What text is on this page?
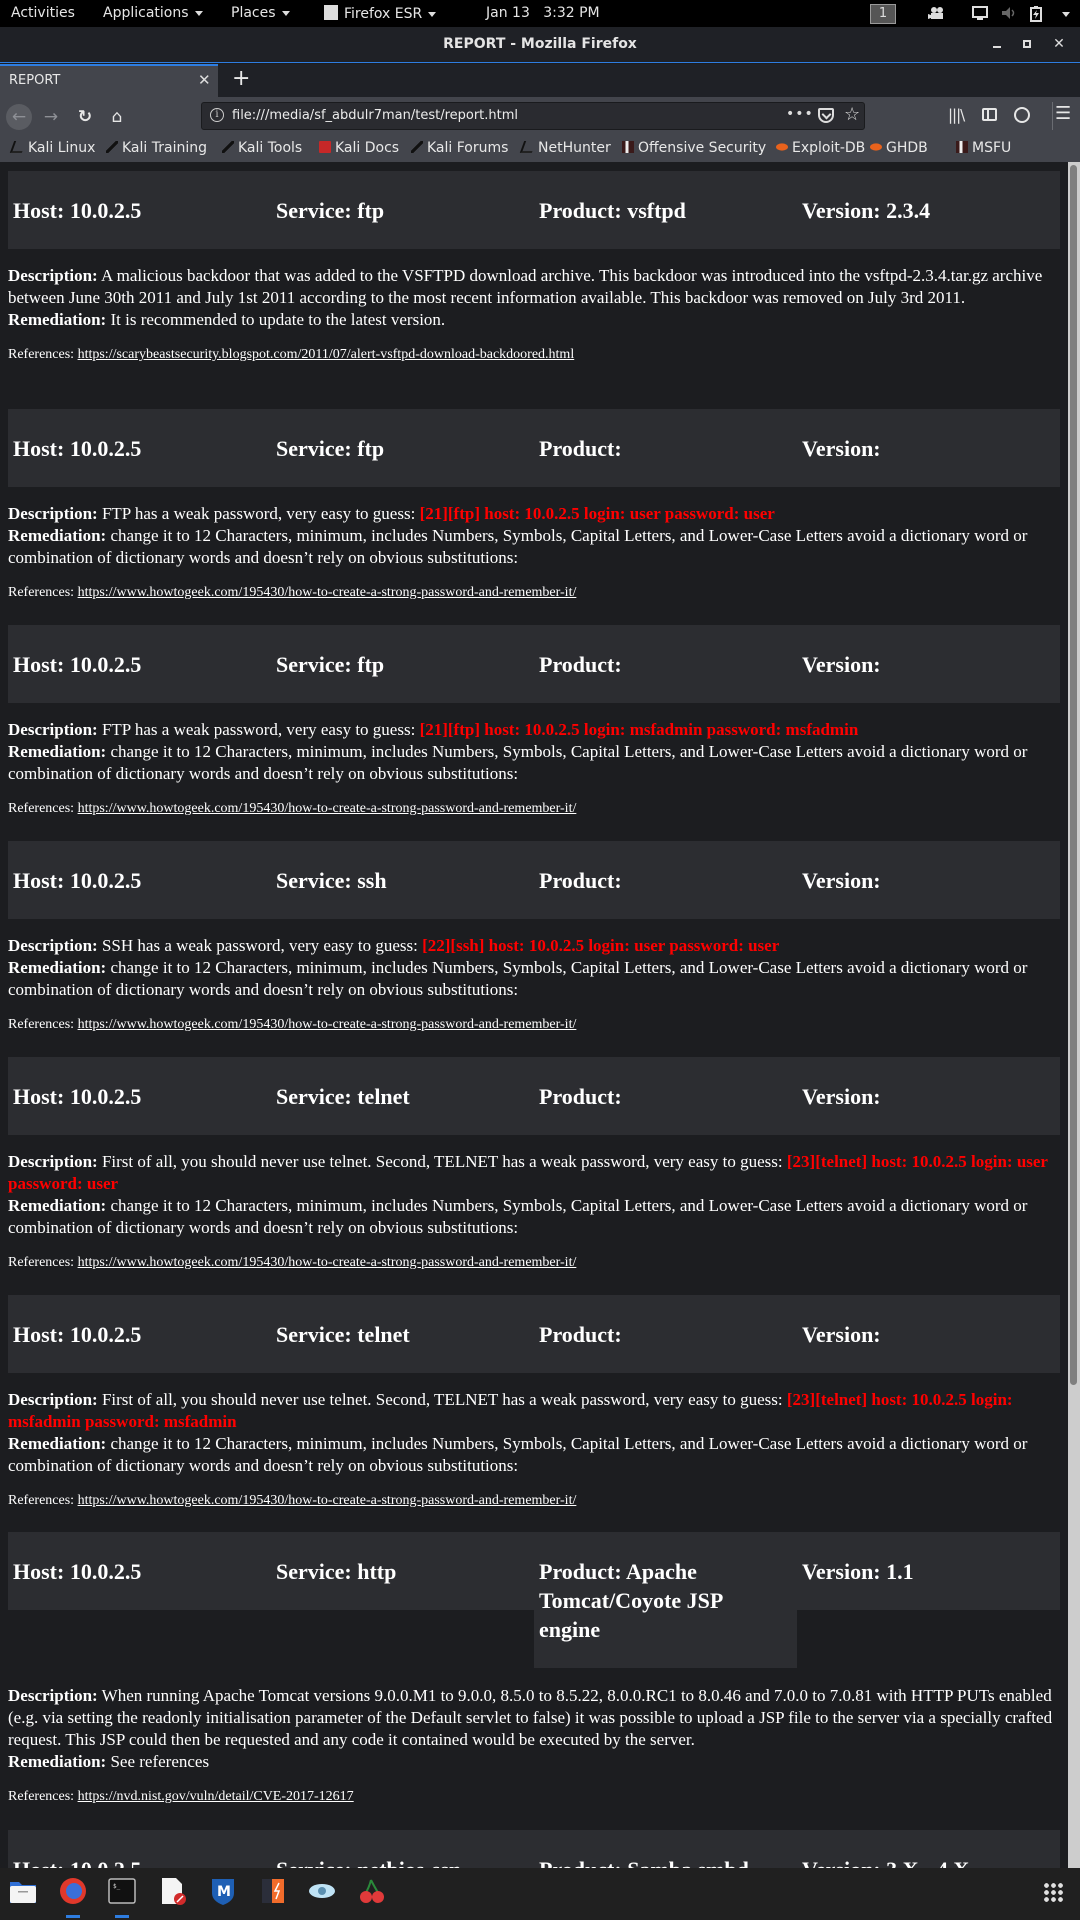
Activities Applications	Places	Firefox ESR	Jan 13 3:32 PM	1
REPORT - Mozilla Firefox	✕
REPORT	✕ +
←	→	↻	⌂	i	file:///media/sf_abdulr7man/test/report.html	••• ☆	|||\	☰
Kali Linux	Kali Training	Kali Tools	Kali Docs	Kali Forums	NetHunter	Offensive Security	Exploit-DB	GHDB	MSFU
Host: 10.0.2.5	Service: ftp	Product: vsftpd	Version: 2.3.4
Description: A malicious backdoor that was added to the VSFTPD download archive. This backdoor was introduced into the vsftpd-2.3.4.tar.gz archive between June 30th 2011 and July 1st 2011 according to the most recent information available. This backdoor was removed on July 3rd 2011.
Remediation: It is recommended to update to the latest version.
References: https://scarybeastsecurity.blogspot.com/2011/07/alert-vsftpd-download-backdoored.html
Host: 10.0.2.5	Service: ftp	Product:	Version:
Description: FTP has a weak password, very easy to guess: [21][ftp] host: 10.0.2.5 login: user password: user
Remediation: change it to 12 Characters, minimum, includes Numbers, Symbols, Capital Letters, and Lower-Case Letters avoid a dictionary word or combination of dictionary words and doesn’t rely on obvious substitutions:
References: https://www.howtogeek.com/195430/how-to-create-a-strong-password-and-remember-it/
Host: 10.0.2.5	Service: ftp	Product:	Version:
Description: FTP has a weak password, very easy to guess: [21][ftp] host: 10.0.2.5 login: msfadmin password: msfadmin
Remediation: change it to 12 Characters, minimum, includes Numbers, Symbols, Capital Letters, and Lower-Case Letters avoid a dictionary word or combination of dictionary words and doesn’t rely on obvious substitutions:
References: https://www.howtogeek.com/195430/how-to-create-a-strong-password-and-remember-it/
Host: 10.0.2.5	Service: ssh	Product:	Version:
Description: SSH has a weak password, very easy to guess: [22][ssh] host: 10.0.2.5 login: user password: user
Remediation: change it to 12 Characters, minimum, includes Numbers, Symbols, Capital Letters, and Lower-Case Letters avoid a dictionary word or combination of dictionary words and doesn’t rely on obvious substitutions:
References: https://www.howtogeek.com/195430/how-to-create-a-strong-password-and-remember-it/
Host: 10.0.2.5	Service: telnet	Product:	Version:
Description: First of all, you should never use telnet. Second, TELNET has a weak password, very easy to guess: [23][telnet] host: 10.0.2.5 login: user password: user
Remediation: change it to 12 Characters, minimum, includes Numbers, Symbols, Capital Letters, and Lower-Case Letters avoid a dictionary word or combination of dictionary words and doesn’t rely on obvious substitutions:
References: https://www.howtogeek.com/195430/how-to-create-a-strong-password-and-remember-it/
Host: 10.0.2.5	Service: telnet	Product:	Version:
Description: First of all, you should never use telnet. Second, TELNET has a weak password, very easy to guess: [23][telnet] host: 10.0.2.5 login: msfadmin password: msfadmin
Remediation: change it to 12 Characters, minimum, includes Numbers, Symbols, Capital Letters, and Lower-Case Letters avoid a dictionary word or combination of dictionary words and doesn’t rely on obvious substitutions:
References: https://www.howtogeek.com/195430/how-to-create-a-strong-password-and-remember-it/
Host: 10.0.2.5	Service: http	Product: Apache Tomcat/Coyote JSP engine
Version: 1.1
Description: When running Apache Tomcat versions 9.0.0.M1 to 9.0.0, 8.5.0 to 8.5.22, 8.0.0.RC1 to 8.0.46 and 7.0.0 to 7.0.81 with HTTP PUTs enabled (e.g. via setting the readonly initialisation parameter of the Default servlet to false) it was possible to upload a JSP file to the server via a specially crafted request. This JSP could then be requested and any code it contained would be executed by the server.
Remediation: See references
References: https://nvd.nist.gov/vuln/detail/CVE-2017-12617
$_	M
